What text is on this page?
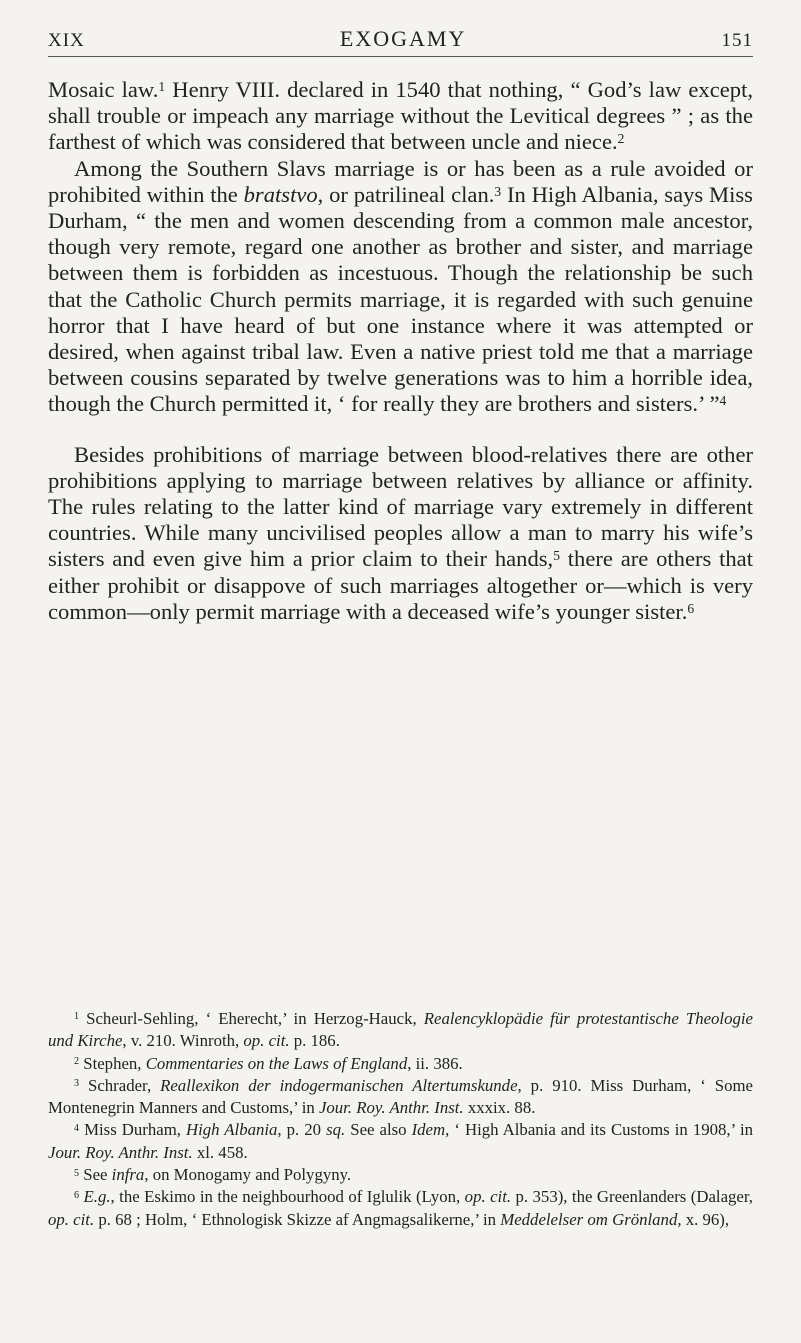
XIX	EXOGAMY	151

Mosaic law.$^1$ Henry VIII. declared in 1540 that nothing, “ God’s law except, shall trouble or impeach any marriage without the Levitical degrees ” ; as the farthest of which was considered that between uncle and niece.$^2$

Among the Southern Slavs marriage is or has been as a rule avoided or prohibited within the bratstvo, or patrilineal clan.$^3$ In High Albania, says Miss Durham, “ the men and women descending from a common male ancestor, though very remote, regard one another as brother and sister, and marriage between them is forbidden as incestuous. Though the relationship be such that the Catholic Church permits marriage, it is regarded with such genuine horror that I have heard of but one instance where it was attempted or desired, when against tribal law. Even a native priest told me that a marriage between cousins separated by twelve generations was to him a horrible idea, though the Church permitted it, ‘ for really they are brothers and sisters.’ ”$^4$

Besides prohibitions of marriage between blood-relatives there are other prohibitions applying to marriage between relatives by alliance or affinity. The rules relating to the latter kind of marriage vary extremely in different countries. While many uncivilised peoples allow a man to marry his wife’s sisters and even give him a prior claim to their hands,$^5$ there are others that either prohibit or disappove of such marriages altogether or—which is very common—only permit marriage with a deceased wife’s younger sister.$^6$

$^1$ Scheurl-Sehling, ‘ Eherecht,’ in Herzog-Hauck, Realencyklopädie für protestantische Theologie und Kirche, v. 210. Winroth, op. cit. p. 186.

$^2$ Stephen, Commentaries on the Laws of England, ii. 386.

$^3$ Schrader, Reallexikon der indogermanischen Altertumskunde, p. 910. Miss Durham, ‘ Some Montenegrin Manners and Customs,’ in Jour. Roy. Anthr. Inst. xxxix. 88.

$^4$ Miss Durham, High Albania, p. 20 sq. See also Idem, ‘ High Albania and its Customs in 1908,’ in Jour. Roy. Anthr. Inst. xl. 458.

$^5$ See infra, on Monogamy and Polygyny.

$^6$ E.g., the Eskimo in the neighbourhood of Iglulik (Lyon, op. cit. p. 353), the Greenlanders (Dalager, op. cit. p. 68 ; Holm, ‘ Ethnologisk Skizze af Angmagsalikerne,’ in Meddelelser om Grönland, x. 96),
